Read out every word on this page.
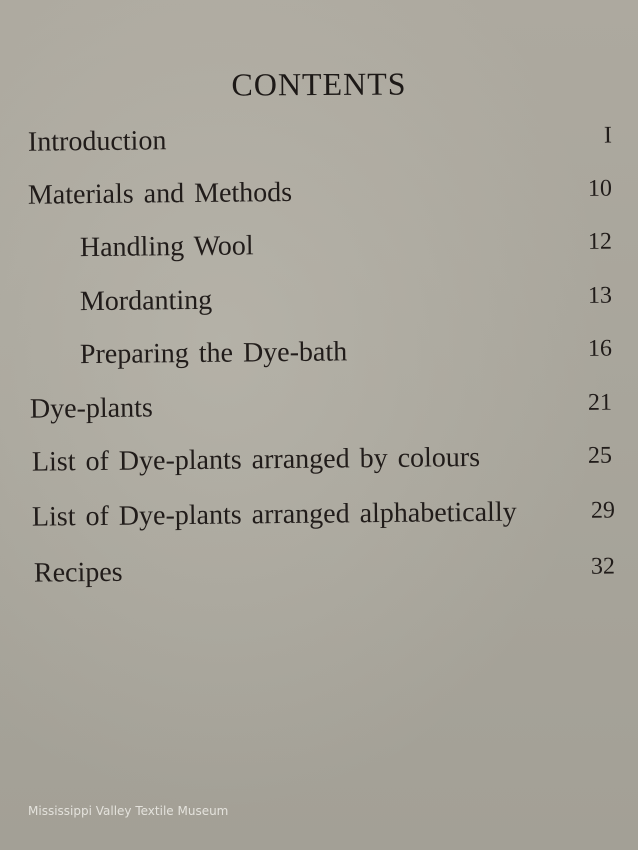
CONTENTS
Introduction	I
Materials and Methods	10
Handling Wool	12
Mordanting	13
Preparing the Dye-bath	16
Dye-plants	21
List of Dye-plants arranged by colours	25
List of Dye-plants arranged alphabetically	29
Recipes	32
Mississippi Valley Textile Museum
